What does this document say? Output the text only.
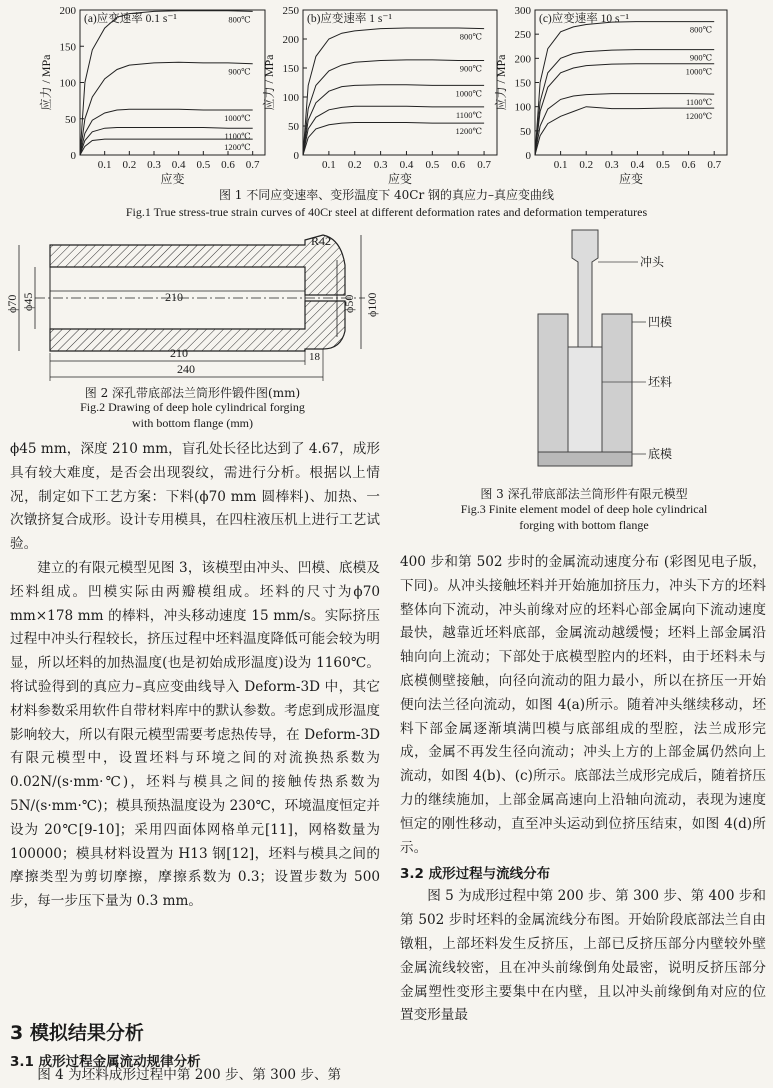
0
50
100
150
200
0.1 0.2 0.3 0.4 0.5 0.6 0.7
应变
应力 / MPa
(a)应变速率 0.1 s⁻¹	800℃
900℃
1000℃
1100℃
1200℃
0
50
100
150
200
250
0.1 0.2 0.3 0.4 0.5 0.6 0.7
应变
应力 / MPa
(b)应变速率 1 s⁻¹
800℃
900℃
1000℃
1100℃
1200℃
0
50
100
150
200
250
300
0.1 0.2 0.3 0.4 0.5 0.6 0.7
应变
应力 / MPa
(c)应变速率 10 s⁻¹
800℃
900℃
1000℃
1100℃
1200℃
图 1 不同应变速率、变形温度下 40Cr 钢的真应力–真应变曲线
Fig.1 True stress-true strain curves of 40Cr steel at different deformation rates and deformation temperatures
210
ϕ70 ϕ45	ϕ50 ϕ100
R42
210	18
240
图 2 深孔带底部法兰筒形件锻件图(mm)
Fig.2 Drawing of deep hole cylindrical forging
with bottom flange (mm)
冲头
凹模
坯料
底模
图 3 深孔带底部法兰筒形件有限元模型
Fig.3 Finite element model of deep hole cylindrical
forging with bottom flange

ϕ45 mm，深度 210 mm，盲孔处长径比达到了 4.67，成形具有较大难度，是否会出现裂纹，需进行分析。根据以上情况，制定如下工艺方案：下料(ϕ70 mm 圆棒料)、加热、一次镦挤复合成形。设计专用模具，在四柱液压机上进行工艺试验。

建立的有限元模型见图 3，该模型由冲头、凹模、底模及坯料组成。凹模实际由两瓣模组成。坯料的尺寸为ϕ70 mm×178 mm 的棒料，冲头移动速度 15 mm/s。实际挤压过程中冲头行程较长，挤压过程中坯料温度降低可能会较为明显，所以坯料的加热温度(也是初始成形温度)设为 1160℃。将试验得到的真应力–真应变曲线导入 Deform-3D 中，其它材料参数采用软件自带材料库中的默认参数。考虑到成形温度影响较大，所以有限元模型需要考虑热传导，在 Deform-3D 有限元模型中，设置坯料与环境之间的对流换热系数为 0.02N/(s·mm·℃)，坯料与模具之间的接触传热系数为 5N/(s·mm·℃)；模具预热温度设为 230℃，环境温度恒定并设为 20℃[9-10]；采用四面体网格单元[11]，网格数量为 100000；模具材料设置为 H13 钢[12]，坯料与模具之间的摩擦类型为剪切摩擦，摩擦系数为 0.3；设置步数为 500 步，每一步压下量为 0.3 mm。

3 模拟结果分析
3.1 成形过程金属流动规律分析
图 4 为坯料成形过程中第 200 步、第 300 步、第

400 步和第 502 步时的金属流动速度分布 (彩图见电子版，下同)。从冲头接触坯料并开始施加挤压力，冲头下方的坯料整体向下流动，冲头前缘对应的坯料心部金属向下流动速度最快，越靠近坯料底部，金属流动越缓慢；坯料上部金属沿轴向向上流动；下部处于底模型腔内的坯料，由于坯料未与底模侧壁接触，向径向流动的阻力最小，所以在挤压一开始便向法兰径向流动，如图 4(a)所示。随着冲头继续移动，坯料下部金属逐渐填满凹模与底部组成的型腔，法兰成形完成，金属不再发生径向流动；冲头上方的上部金属仍然向上流动，如图 4(b)、(c)所示。底部法兰成形完成后，随着挤压力的继续施加，上部金属高速向上沿轴向流动，表现为速度恒定的刚性移动，直至冲头运动到位挤压结束，如图 4(d)所示。

3.2 成形过程与流线分布

图 5 为成形过程中第 200 步、第 300 步、第 400 步和第 502 步时坯料的金属流线分布图。开始阶段底部法兰自由镦粗，上部坯料发生反挤压，上部已反挤压部分内壁较外壁金属流线较密，且在冲头前缘倒角处最密，说明反挤压部分金属塑性变形主要集中在内壁，且以冲头前缘倒角对应的位置变形量最
